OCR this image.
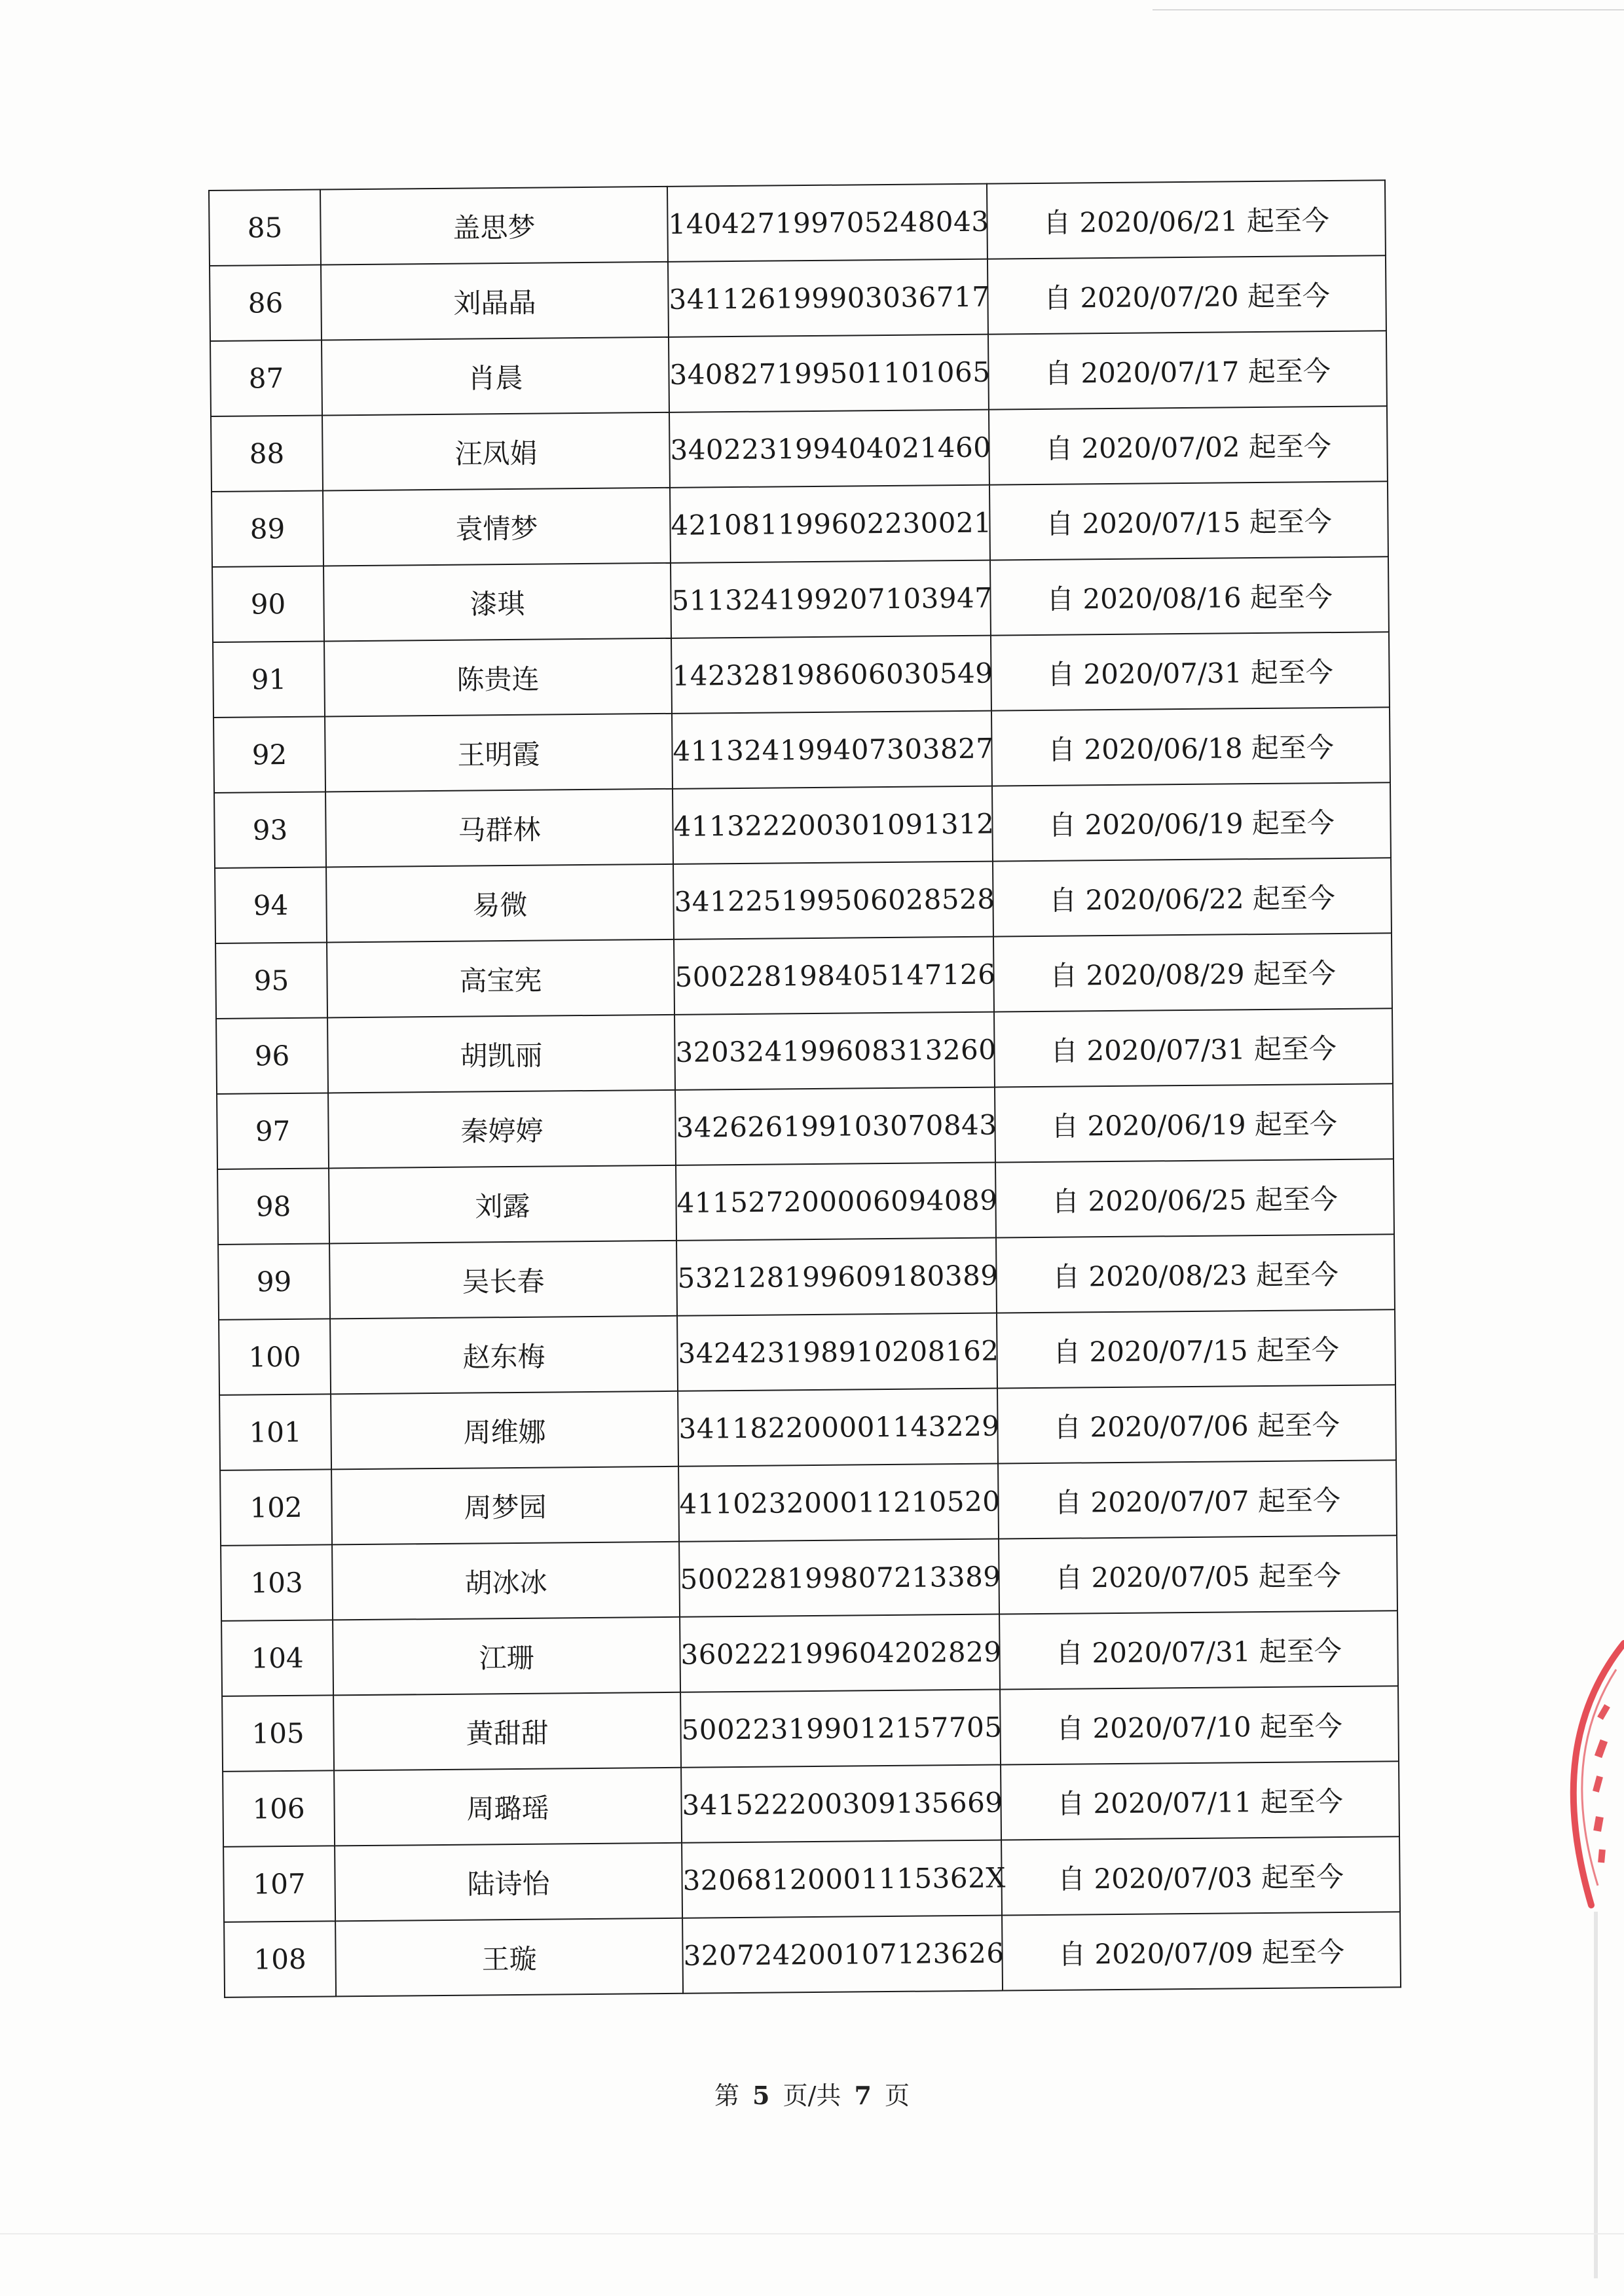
85	盖思梦	140427199705248043	自 2020/06/21 起至今
86	刘晶晶	341126199903036717	自 2020/07/20 起至今
87	肖晨	340827199501101065	自 2020/07/17 起至今
88	汪凤娟	340223199404021460	自 2020/07/02 起至今
89	袁情梦	421081199602230021	自 2020/07/15 起至今
90	漆琪	511324199207103947	自 2020/08/16 起至今
91	陈贵连	142328198606030549	自 2020/07/31 起至今
92	王明霞	411324199407303827	自 2020/06/18 起至今
93	马群林	411322200301091312	自 2020/06/19 起至今
94	易微	341225199506028528	自 2020/06/22 起至今
95	高宝宪	500228198405147126	自 2020/08/29 起至今
96	胡凯丽	320324199608313260	自 2020/07/31 起至今
97	秦婷婷	342626199103070843	自 2020/06/19 起至今
98	刘露	411527200006094089	自 2020/06/25 起至今
99	吴长春	532128199609180389	自 2020/08/23 起至今
100	赵东梅	342423198910208162	自 2020/07/15 起至今
101	周维娜	341182200001143229	自 2020/07/06 起至今
102	周梦园	411023200011210520	自 2020/07/07 起至今
103	胡冰冰	500228199807213389	自 2020/07/05 起至今
104	江珊	360222199604202829	自 2020/07/31 起至今
105	黄甜甜	500223199012157705	自 2020/07/10 起至今
106	周璐瑶	341522200309135669	自 2020/07/11 起至今
107	陆诗怡	32068120001115362X	自 2020/07/03 起至今
108	王璇	320724200107123626	自 2020/07/09 起至今
第 5 页/共 7 页
